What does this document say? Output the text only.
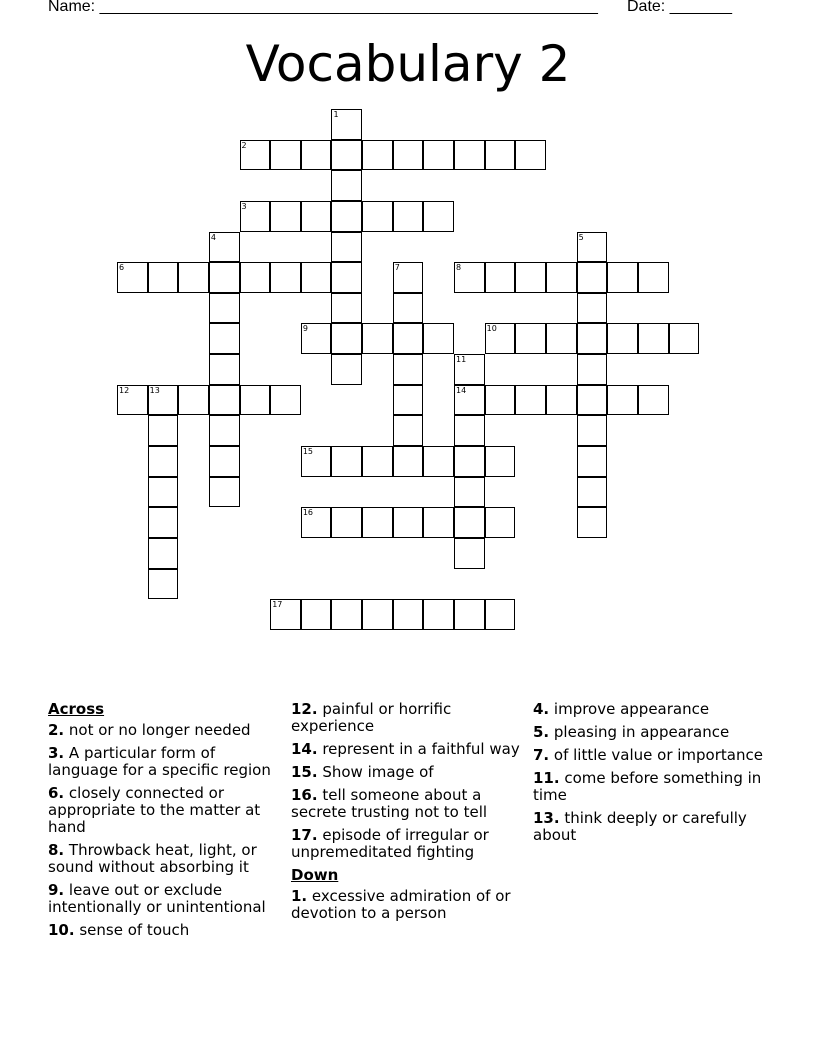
Name: ________________________________________________________ Date: _______
Vocabulary 2
2
3
6	8
9	10
12	13	14
15
16
17
1
4	5
7
11
Across
2. not or no longer needed
3. A particular form of language for a specific region
6. closely connected or appropriate to the matter at hand
8. Throwback heat, light, or sound without absorbing it
9. leave out or exclude intentionally or unintentional
10. sense of touch
12. painful or horrific experience
14. represent in a faithful way
15. Show image of
16. tell someone about a secrete trusting not to tell
17. episode of irregular or unpremeditated fighting
Down
1. excessive admiration of or devotion to a person
4. improve appearance
5. pleasing in appearance
7. of little value or importance
11. come before something in time
13. think deeply or carefully about
